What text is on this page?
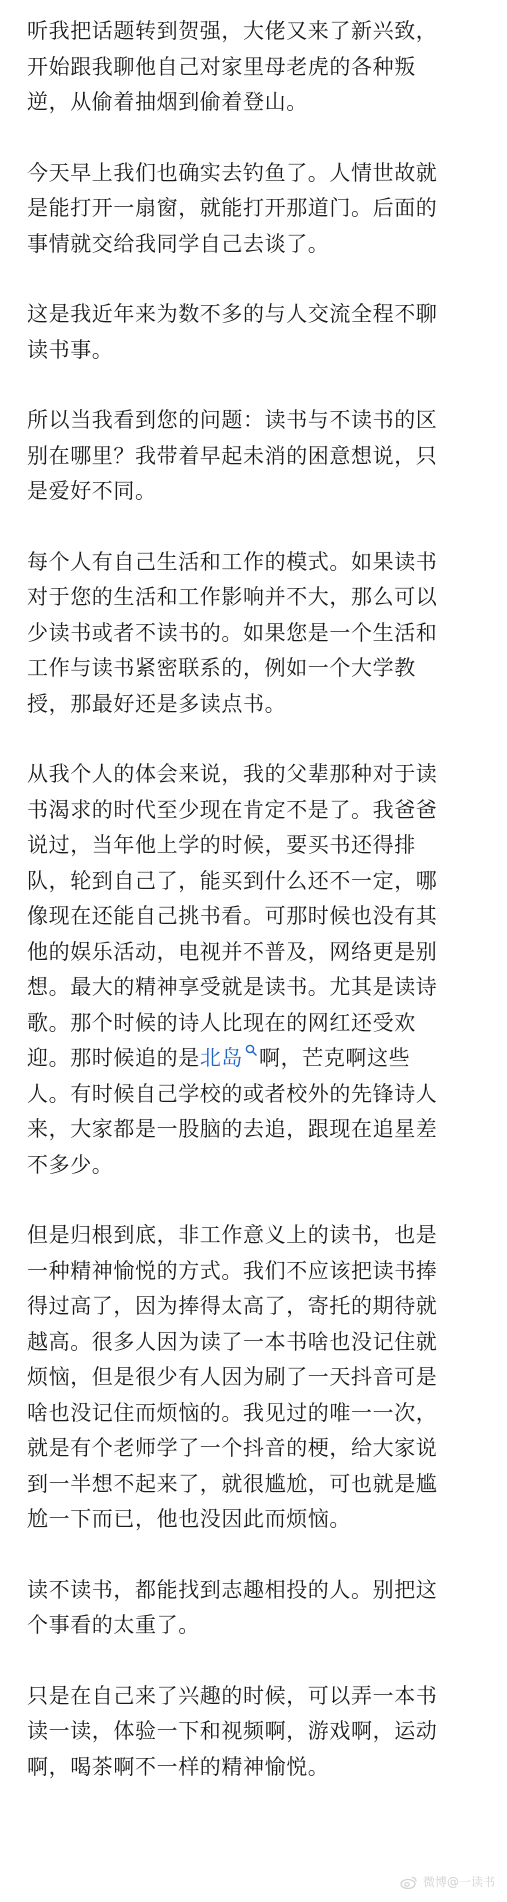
听我把话题转到贺强，大佬又来了新兴致，
开始跟我聊他自己对家里母老虎的各种叛
逆，从偷着抽烟到偷着登山。

今天早上我们也确实去钓鱼了。人情世故就
是能打开一扇窗，就能打开那道门。后面的
事情就交给我同学自己去谈了。

这是我近年来为数不多的与人交流全程不聊
读书事。

所以当我看到您的问题：读书与不读书的区
别在哪里？我带着早起未消的困意想说，只
是爱好不同。

每个人有自己生活和工作的模式。如果读书
对于您的生活和工作影响并不大，那么可以
少读书或者不读书的。如果您是一个生活和
工作与读书紧密联系的，例如一个大学教
授，那最好还是多读点书。

从我个人的体会来说，我的父辈那种对于读
书渴求的时代至少现在肯定不是了。我爸爸
说过，当年他上学的时候，要买书还得排
队，轮到自己了，能买到什么还不一定，哪
像现在还能自己挑书看。可那时候也没有其
他的娱乐活动，电视并不普及，网络更是别
想。最大的精神享受就是读书。尤其是读诗
歌。那个时候的诗人比现在的网红还受欢
迎。那时候追的是北岛 啊，芒克啊这些
人。有时候自己学校的或者校外的先锋诗人
来，大家都是一股脑的去追，跟现在追星差
不多少。

但是归根到底，非工作意义上的读书，也是
一种精神愉悦的方式。我们不应该把读书捧
得过高了，因为捧得太高了，寄托的期待就
越高。很多人因为读了一本书啥也没记住就
烦恼，但是很少有人因为刷了一天抖音可是
啥也没记住而烦恼的。我见过的唯一一次，
就是有个老师学了一个抖音的梗，给大家说
到一半想不起来了，就很尴尬，可也就是尴
尬一下而已，他也没因此而烦恼。

读不读书，都能找到志趣相投的人。别把这
个事看的太重了。

只是在自己来了兴趣的时候，可以弄一本书
读一读，体验一下和视频啊，游戏啊，运动
啊，喝茶啊不一样的精神愉悦。

微博@一读书
